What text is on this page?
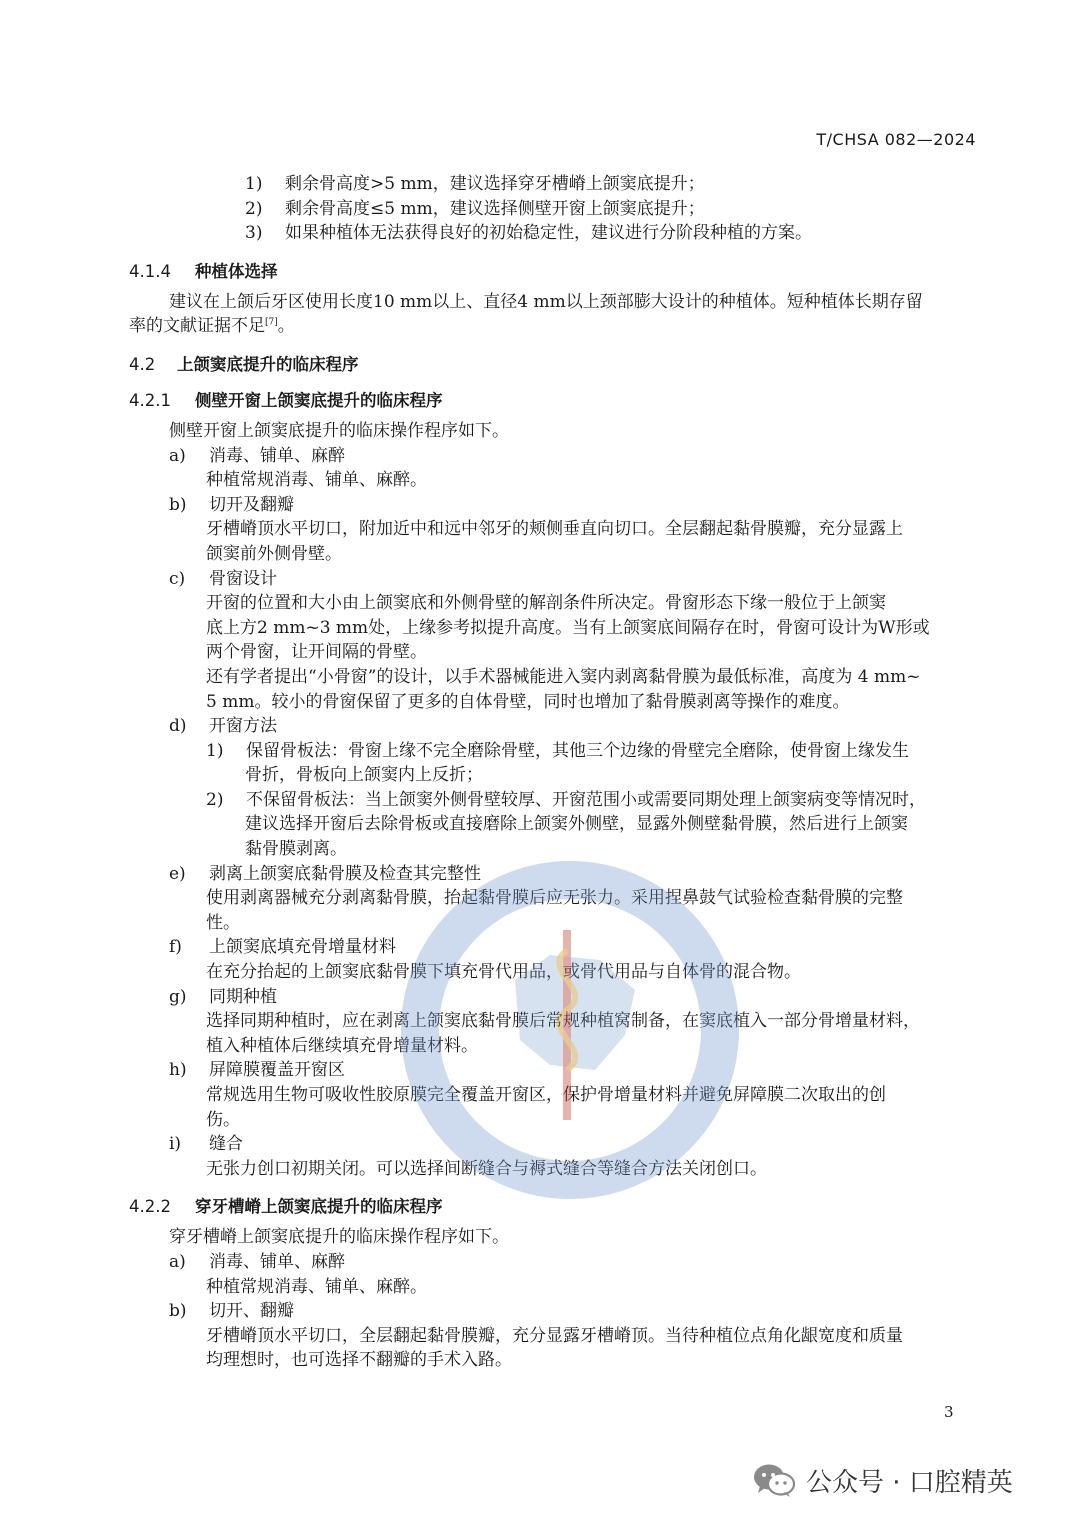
T/CHSA 082—2024
1)	剩余骨高度>5 mm，建议选择穿牙槽嵴上颌窦底提升；
2)	剩余骨高度≤5 mm，建议选择侧壁开窗上颌窦底提升；
3)	如果种植体无法获得良好的初始稳定性，建议进行分阶段种植的方案。
4.1.4	种植体选择
建议在上颌后牙区使用长度10 mm以上、直径4 mm以上颈部膨大设计的种植体。短种植体长期存留
率的文献证据不足[7]。
4.2	上颌窦底提升的临床程序
4.2.1	侧壁开窗上颌窦底提升的临床程序
侧壁开窗上颌窦底提升的临床操作程序如下。
a)	消毒、铺单、麻醉
种植常规消毒、铺单、麻醉。
b)	切开及翻瓣
牙槽嵴顶水平切口，附加近中和远中邻牙的颊侧垂直向切口。全层翻起黏骨膜瓣，充分显露上
颌窦前外侧骨壁。
c)	骨窗设计
开窗的位置和大小由上颌窦底和外侧骨壁的解剖条件所决定。骨窗形态下缘一般位于上颌窦
底上方2 mm~3 mm处，上缘参考拟提升高度。当有上颌窦底间隔存在时，骨窗可设计为W形或
两个骨窗，让开间隔的骨壁。
还有学者提出“小骨窗”的设计，以手术器械能进入窦内剥离黏骨膜为最低标准，高度为 4 mm~
5 mm。较小的骨窗保留了更多的自体骨壁，同时也增加了黏骨膜剥离等操作的难度。
d)	开窗方法
1)	保留骨板法：骨窗上缘不完全磨除骨壁，其他三个边缘的骨壁完全磨除，使骨窗上缘发生
骨折，骨板向上颌窦内上反折；
2)	不保留骨板法：当上颌窦外侧骨壁较厚、开窗范围小或需要同期处理上颌窦病变等情况时，
建议选择开窗后去除骨板或直接磨除上颌窦外侧壁，显露外侧壁黏骨膜，然后进行上颌窦
黏骨膜剥离。
e)	剥离上颌窦底黏骨膜及检查其完整性
使用剥离器械充分剥离黏骨膜，抬起黏骨膜后应无张力。采用捏鼻鼓气试验检查黏骨膜的完整
性。
f)	上颌窦底填充骨增量材料
在充分抬起的上颌窦底黏骨膜下填充骨代用品，或骨代用品与自体骨的混合物。
g)	同期种植
选择同期种植时，应在剥离上颌窦底黏骨膜后常规种植窝制备，在窦底植入一部分骨增量材料，
植入种植体后继续填充骨增量材料。
h)	屏障膜覆盖开窗区
常规选用生物可吸收性胶原膜完全覆盖开窗区，保护骨增量材料并避免屏障膜二次取出的创
伤。
i)	缝合
无张力创口初期关闭。可以选择间断缝合与褥式缝合等缝合方法关闭创口。
4.2.2	穿牙槽嵴上颌窦底提升的临床程序
穿牙槽嵴上颌窦底提升的临床操作程序如下。
a)	消毒、铺单、麻醉
种植常规消毒、铺单、麻醉。
b)	切开、翻瓣
牙槽嵴顶水平切口，全层翻起黏骨膜瓣，充分显露牙槽嵴顶。当待种植位点角化龈宽度和质量
均理想时，也可选择不翻瓣的手术入路。
3
公众号 · 口腔精英
